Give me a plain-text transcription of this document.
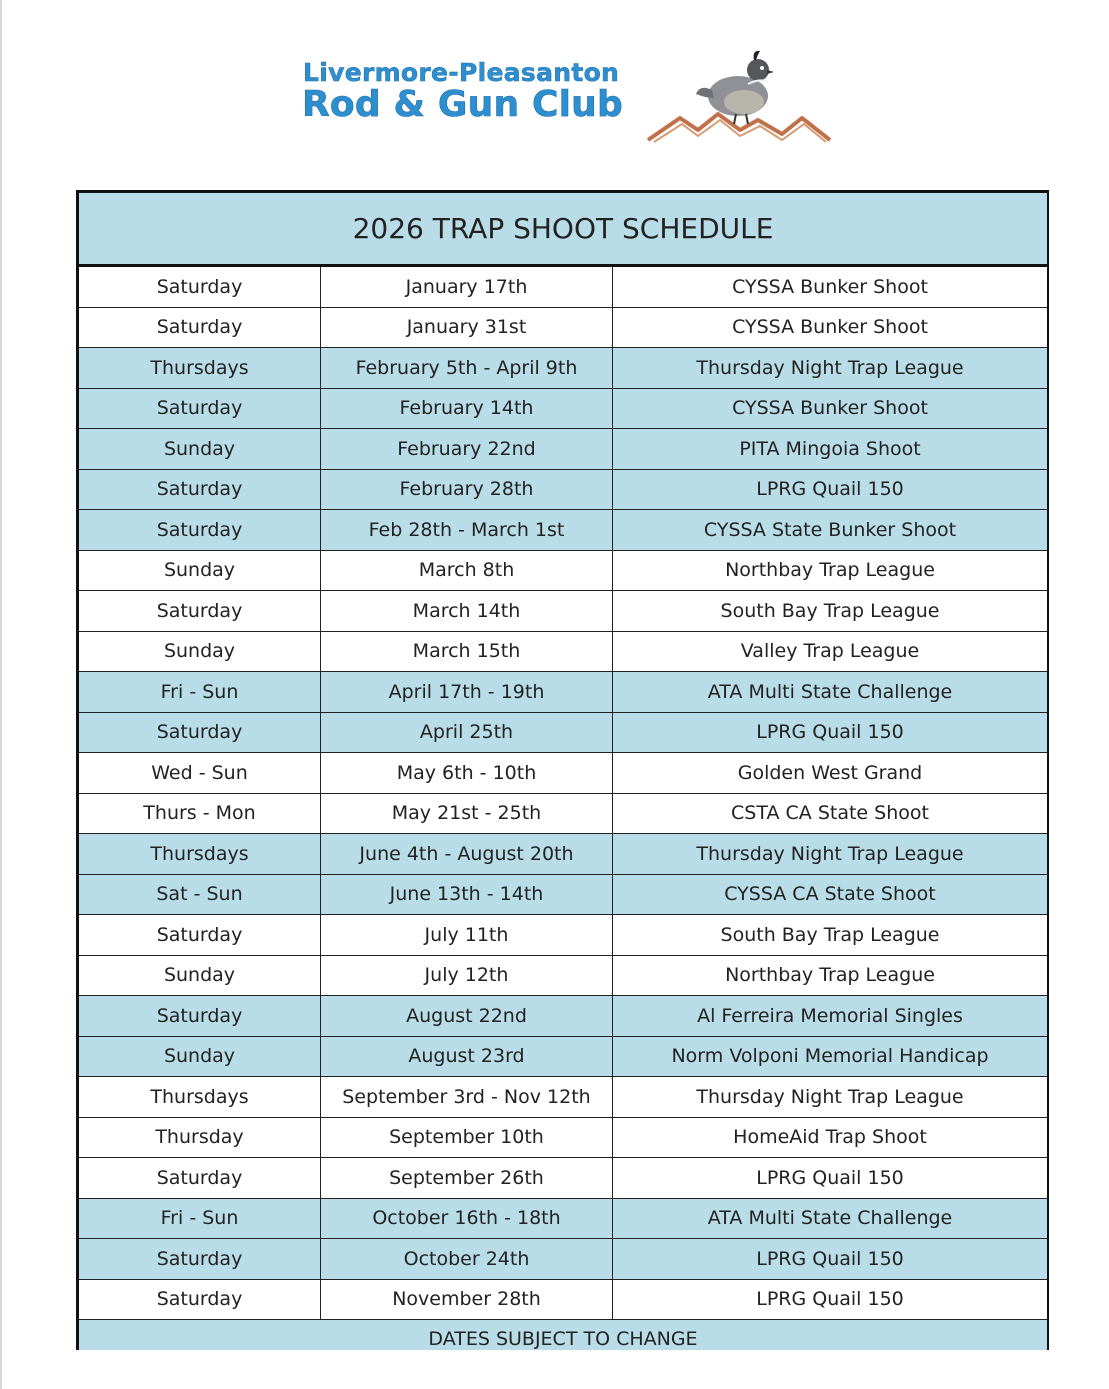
Livermore-Pleasanton
Rod & Gun Club
2026 TRAP SHOOT SCHEDULE		
Saturday	January 17th	CYSSA Bunker Shoot
Saturday	January 31st	CYSSA Bunker Shoot
Thursdays	February 5th - April 9th	Thursday Night Trap League
Saturday	February 14th	CYSSA Bunker Shoot
Sunday	February 22nd	PITA Mingoia Shoot
Saturday	February 28th	LPRG Quail 150
Saturday	Feb 28th - March 1st	CYSSA State Bunker Shoot
Sunday	March 8th	Northbay Trap League
Saturday	March 14th	South Bay Trap League
Sunday	March 15th	Valley Trap League
Fri - Sun	April 17th - 19th	ATA Multi State Challenge
Saturday	April 25th	LPRG Quail 150
Wed - Sun	May 6th - 10th	Golden West Grand
Thurs - Mon	May 21st - 25th	CSTA CA State Shoot
Thursdays	June 4th - August 20th	Thursday Night Trap League
Sat - Sun	June 13th - 14th	CYSSA CA State Shoot
Saturday	July 11th	South Bay Trap League
Sunday	July 12th	Northbay Trap League
Saturday	August 22nd	Al Ferreira Memorial Singles
Sunday	August 23rd	Norm Volponi Memorial Handicap
Thursdays	September 3rd - Nov 12th	Thursday Night Trap League
Thursday	September 10th	HomeAid Trap Shoot
Saturday	September 26th	LPRG Quail 150
Fri - Sun	October 16th - 18th	ATA Multi State Challenge
Saturday	October 24th	LPRG Quail 150
Saturday	November 28th	LPRG Quail 150
DATES SUBJECT TO CHANGE		
